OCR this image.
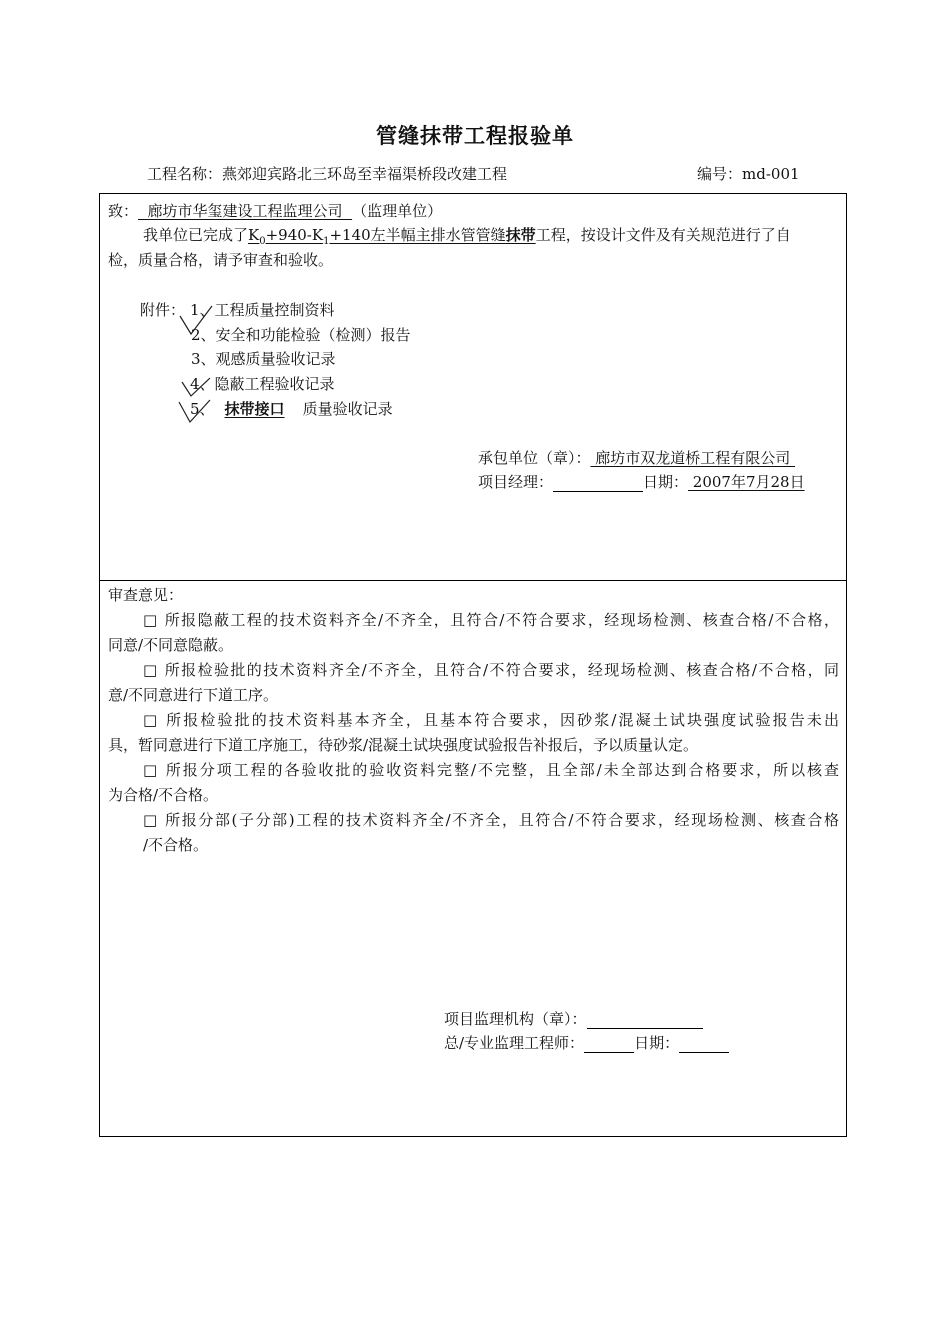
管缝抹带工程报验单
工程名称：燕郊迎宾路北三环岛至幸福渠桥段改建工程	编号：md-001
致：  廊坊市华玺建设工程监理公司  （监理单位）
我单位已完成了$K_0+940-K_1+140$左半幅主排水管管缝抹带工程，按设计文件及有关规范进行了自
检，质量合格，请予审查和验收。
附件： 1、工程质量控制资料
2、安全和功能检验（检测）报告
3、观感质量验收记录
4、隐蔽工程验收记录
5、 抹带接口 质量验收记录
承包单位（章）： 廊坊市双龙道桥工程有限公司
项目经理：	日期： 2007年7月28日
审查意见：
□ 所报隐蔽工程的技术资料齐全/不齐全，且符合/不符合要求，经现场检测、核查合格/不合格，
同意/不同意隐蔽。
□ 所报检验批的技术资料齐全/不齐全，且符合/不符合要求，经现场检测、核查合格/不合格，同
意/不同意进行下道工序。
□ 所报检验批的技术资料基本齐全，且基本符合要求，因砂浆/混凝土试块强度试验报告未出
具，暂同意进行下道工序施工，待砂浆/混凝土试块强度试验报告补报后，予以质量认定。
□ 所报分项工程的各验收批的验收资料完整/不完整，且全部/未全部达到合格要求，所以核查
为合格/不合格。
□ 所报分部(子分部)工程的技术资料齐全/不齐全，且符合/不符合要求，经现场检测、核查合格
/不合格。
项目监理机构（章）：
总/专业监理工程师：	日期：
